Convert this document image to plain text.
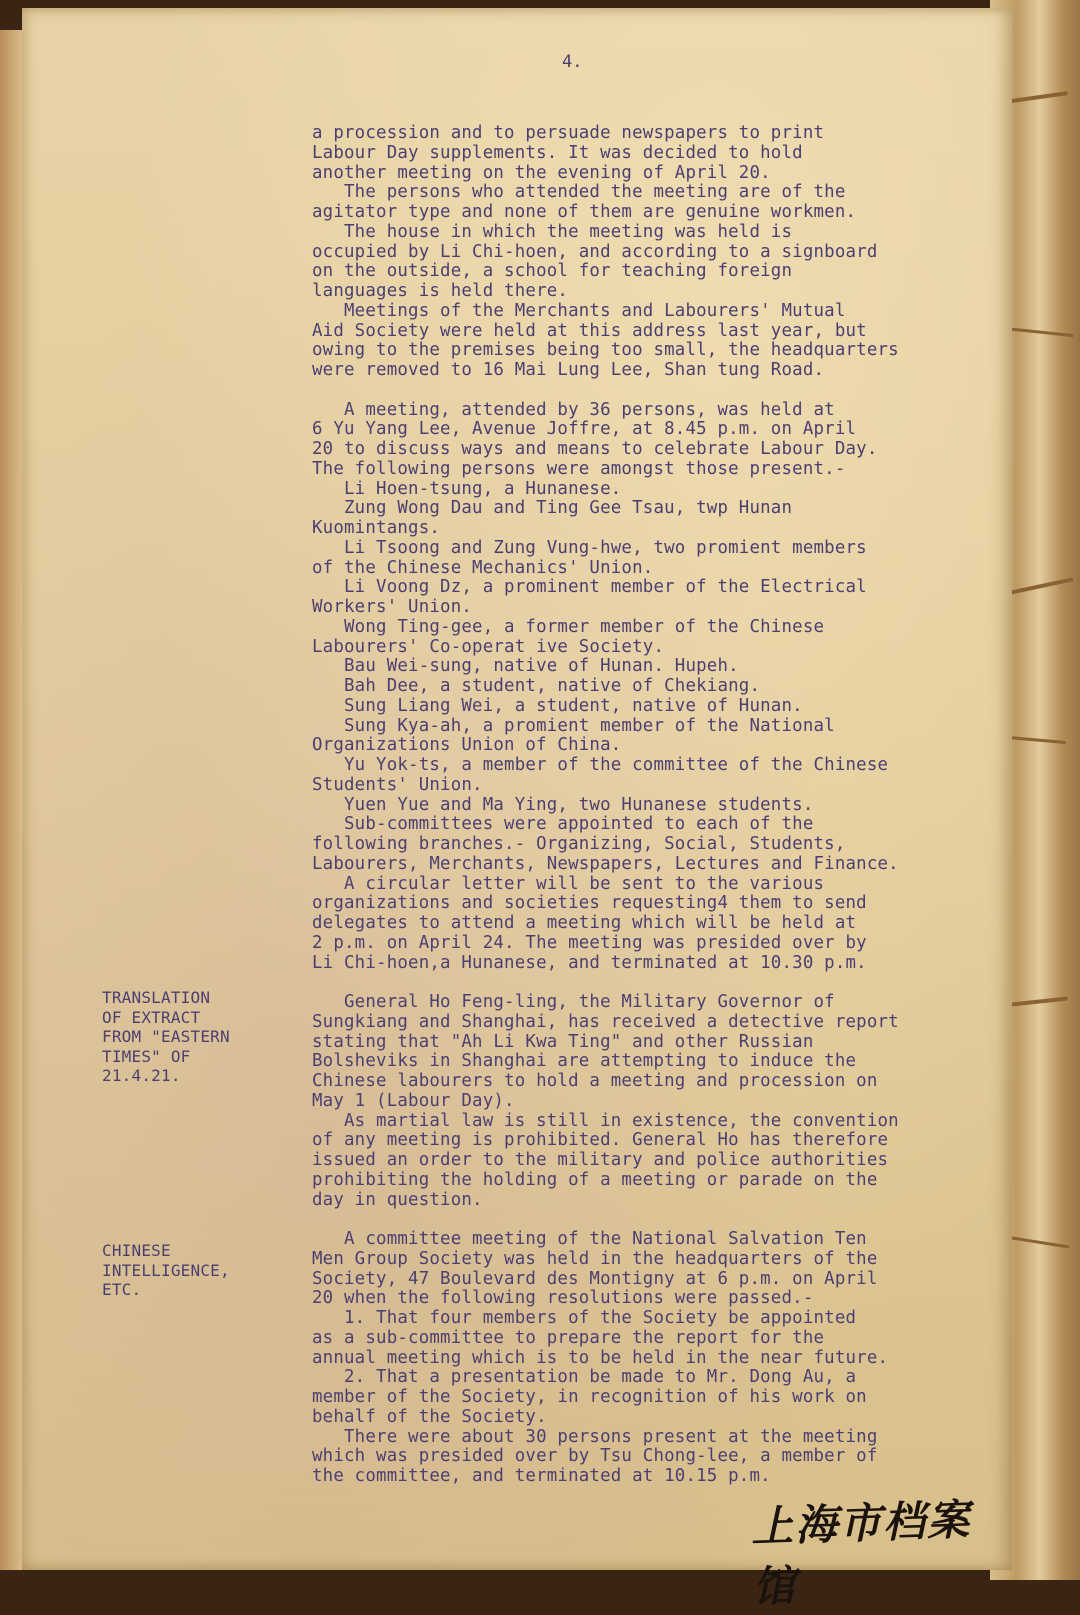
4.
a procession and to persuade newspapers to print
Labour Day supplements. It was decided to hold
another meeting on the evening of April 20.
The persons who attended the meeting are of the
agitator type and none of them are genuine workmen.
The house in which the meeting was held is
occupied by Li Chi-hoen, and according to a signboard
on the outside, a school for teaching foreign
languages is held there.
Meetings of the Merchants and Labourers' Mutual
Aid Society were held at this address last year, but
owing to the premises being too small, the headquarters
were removed to 16 Mai Lung Lee, Shan tung Road.

A meeting, attended by 36 persons, was held at
6 Yu Yang Lee, Avenue Joffre, at 8.45 p.m. on April
20 to discuss ways and means to celebrate Labour Day.
The following persons were amongst those present.-
Li Hoen-tsung, a Hunanese.
Zung Wong Dau and Ting Gee Tsau, twp Hunan
Kuomintangs.
Li Tsoong and Zung Vung-hwe, two promient members
of the Chinese Mechanics' Union.
Li Voong Dz, a prominent member of the Electrical
Workers' Union.
Wong Ting-gee, a former member of the Chinese
Labourers' Co-operat ive Society.
Bau Wei-sung, native of Hunan. Hupeh.
Bah Dee, a student, native of Chekiang.
Sung Liang Wei, a student, native of Hunan.
Sung Kya-ah, a promient member of the National
Organizations Union of China.
Yu Yok-ts, a member of the committee of the Chinese
Students' Union.
Yuen Yue and Ma Ying, two Hunanese students.
Sub-committees were appointed to each of the
following branches.- Organizing, Social, Students,
Labourers, Merchants, Newspapers, Lectures and Finance.
A circular letter will be sent to the various
organizations and societies requesting4 them to send
delegates to attend a meeting which will be held at
2 p.m. on April 24. The meeting was presided over by
Li Chi-hoen,a Hunanese, and terminated at 10.30 p.m.

General Ho Feng-ling, the Military Governor of
Sungkiang and Shanghai, has received a detective report
stating that "Ah Li Kwa Ting" and other Russian
Bolsheviks in Shanghai are attempting to induce the
Chinese labourers to hold a meeting and procession on
May 1 (Labour Day).
As martial law is still in existence, the convention
of any meeting is prohibited. General Ho has therefore
issued an order to the military and police authorities
prohibiting the holding of a meeting or parade on the
day in question.

A committee meeting of the National Salvation Ten
Men Group Society was held in the headquarters of the
Society, 47 Boulevard des Montigny at 6 p.m. on April
20 when the following resolutions were passed.-
1. That four members of the Society be appointed
as a sub-committee to prepare the report for the
annual meeting which is to be held in the near future.
2. That a presentation be made to Mr. Dong Au, a
member of the Society, in recognition of his work on
behalf of the Society.
There were about 30 persons present at the meeting
which was presided over by Tsu Chong-lee, a member of
the committee, and terminated at 10.15 p.m.
TRANSLATION
OF EXTRACT
FROM "EASTERN
TIMES" OF
21.4.21.
CHINESE
INTELLIGENCE,
ETC.
上海市档案馆
